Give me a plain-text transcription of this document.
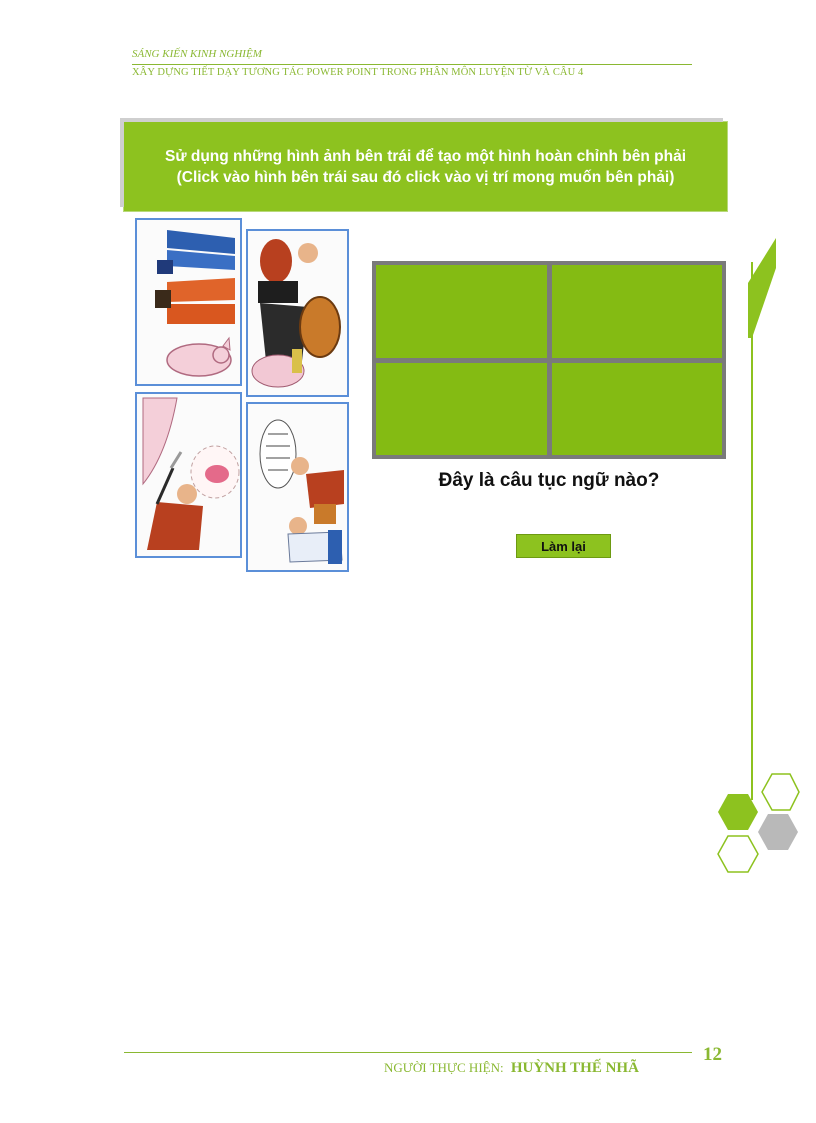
SÁNG KIẾN KINH NGHIỆM
XÂY DỰNG TIẾT DẠY TƯƠNG TÁC POWER POINT TRONG PHÂN MÔN LUYỆN TỪ VÀ CÂU 4
Sử dụng những hình ảnh bên trái để tạo một hình hoàn chỉnh bên phải
(Click vào hình bên trái sau đó click vào vị trí mong muốn bên phải)
Đây là câu tục ngữ nào?
Làm lại
NGƯỜI THỰC HIỆN: HUỲNH THẾ NHÃ
12
